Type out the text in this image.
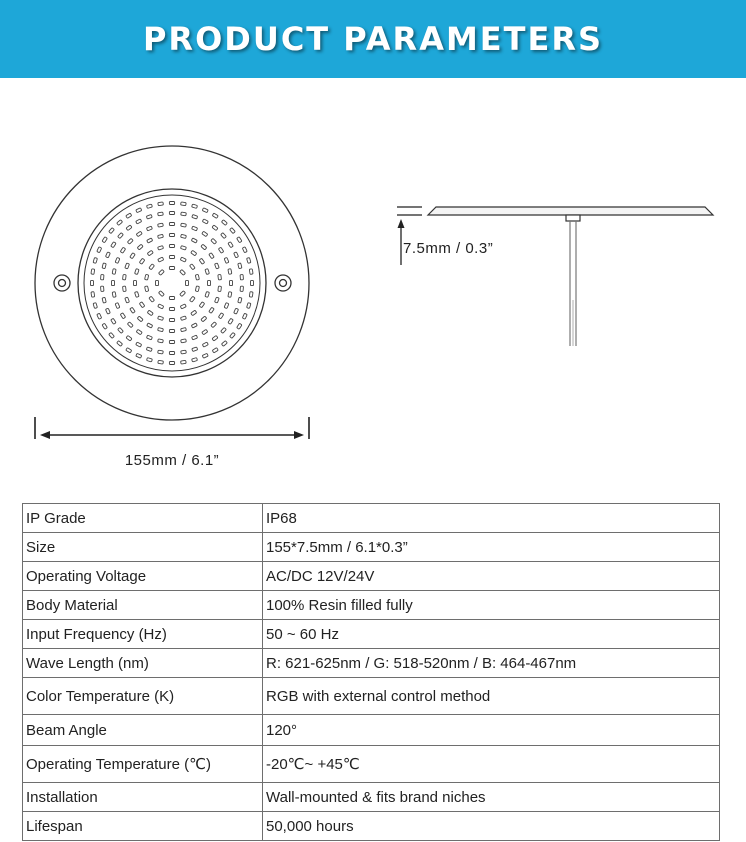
PRODUCT PARAMETERS
155mm / 6.1”
7.5mm / 0.3”
IP Grade	IP68
Size	155*7.5mm / 6.1*0.3”
Operating Voltage	AC/DC 12V/24V
Body Material	100% Resin filled fully
Input Frequency (Hz)	50 ~ 60 Hz
Wave Length (nm)	R: 621-625nm / G: 518-520nm / B: 464-467nm
Color Temperature (K)	RGB with external control method
Beam Angle	120°
Operating Temperature (℃)	-20℃~ +45℃
Installation	Wall-mounted & fits brand niches
Lifespan	50,000 hours
